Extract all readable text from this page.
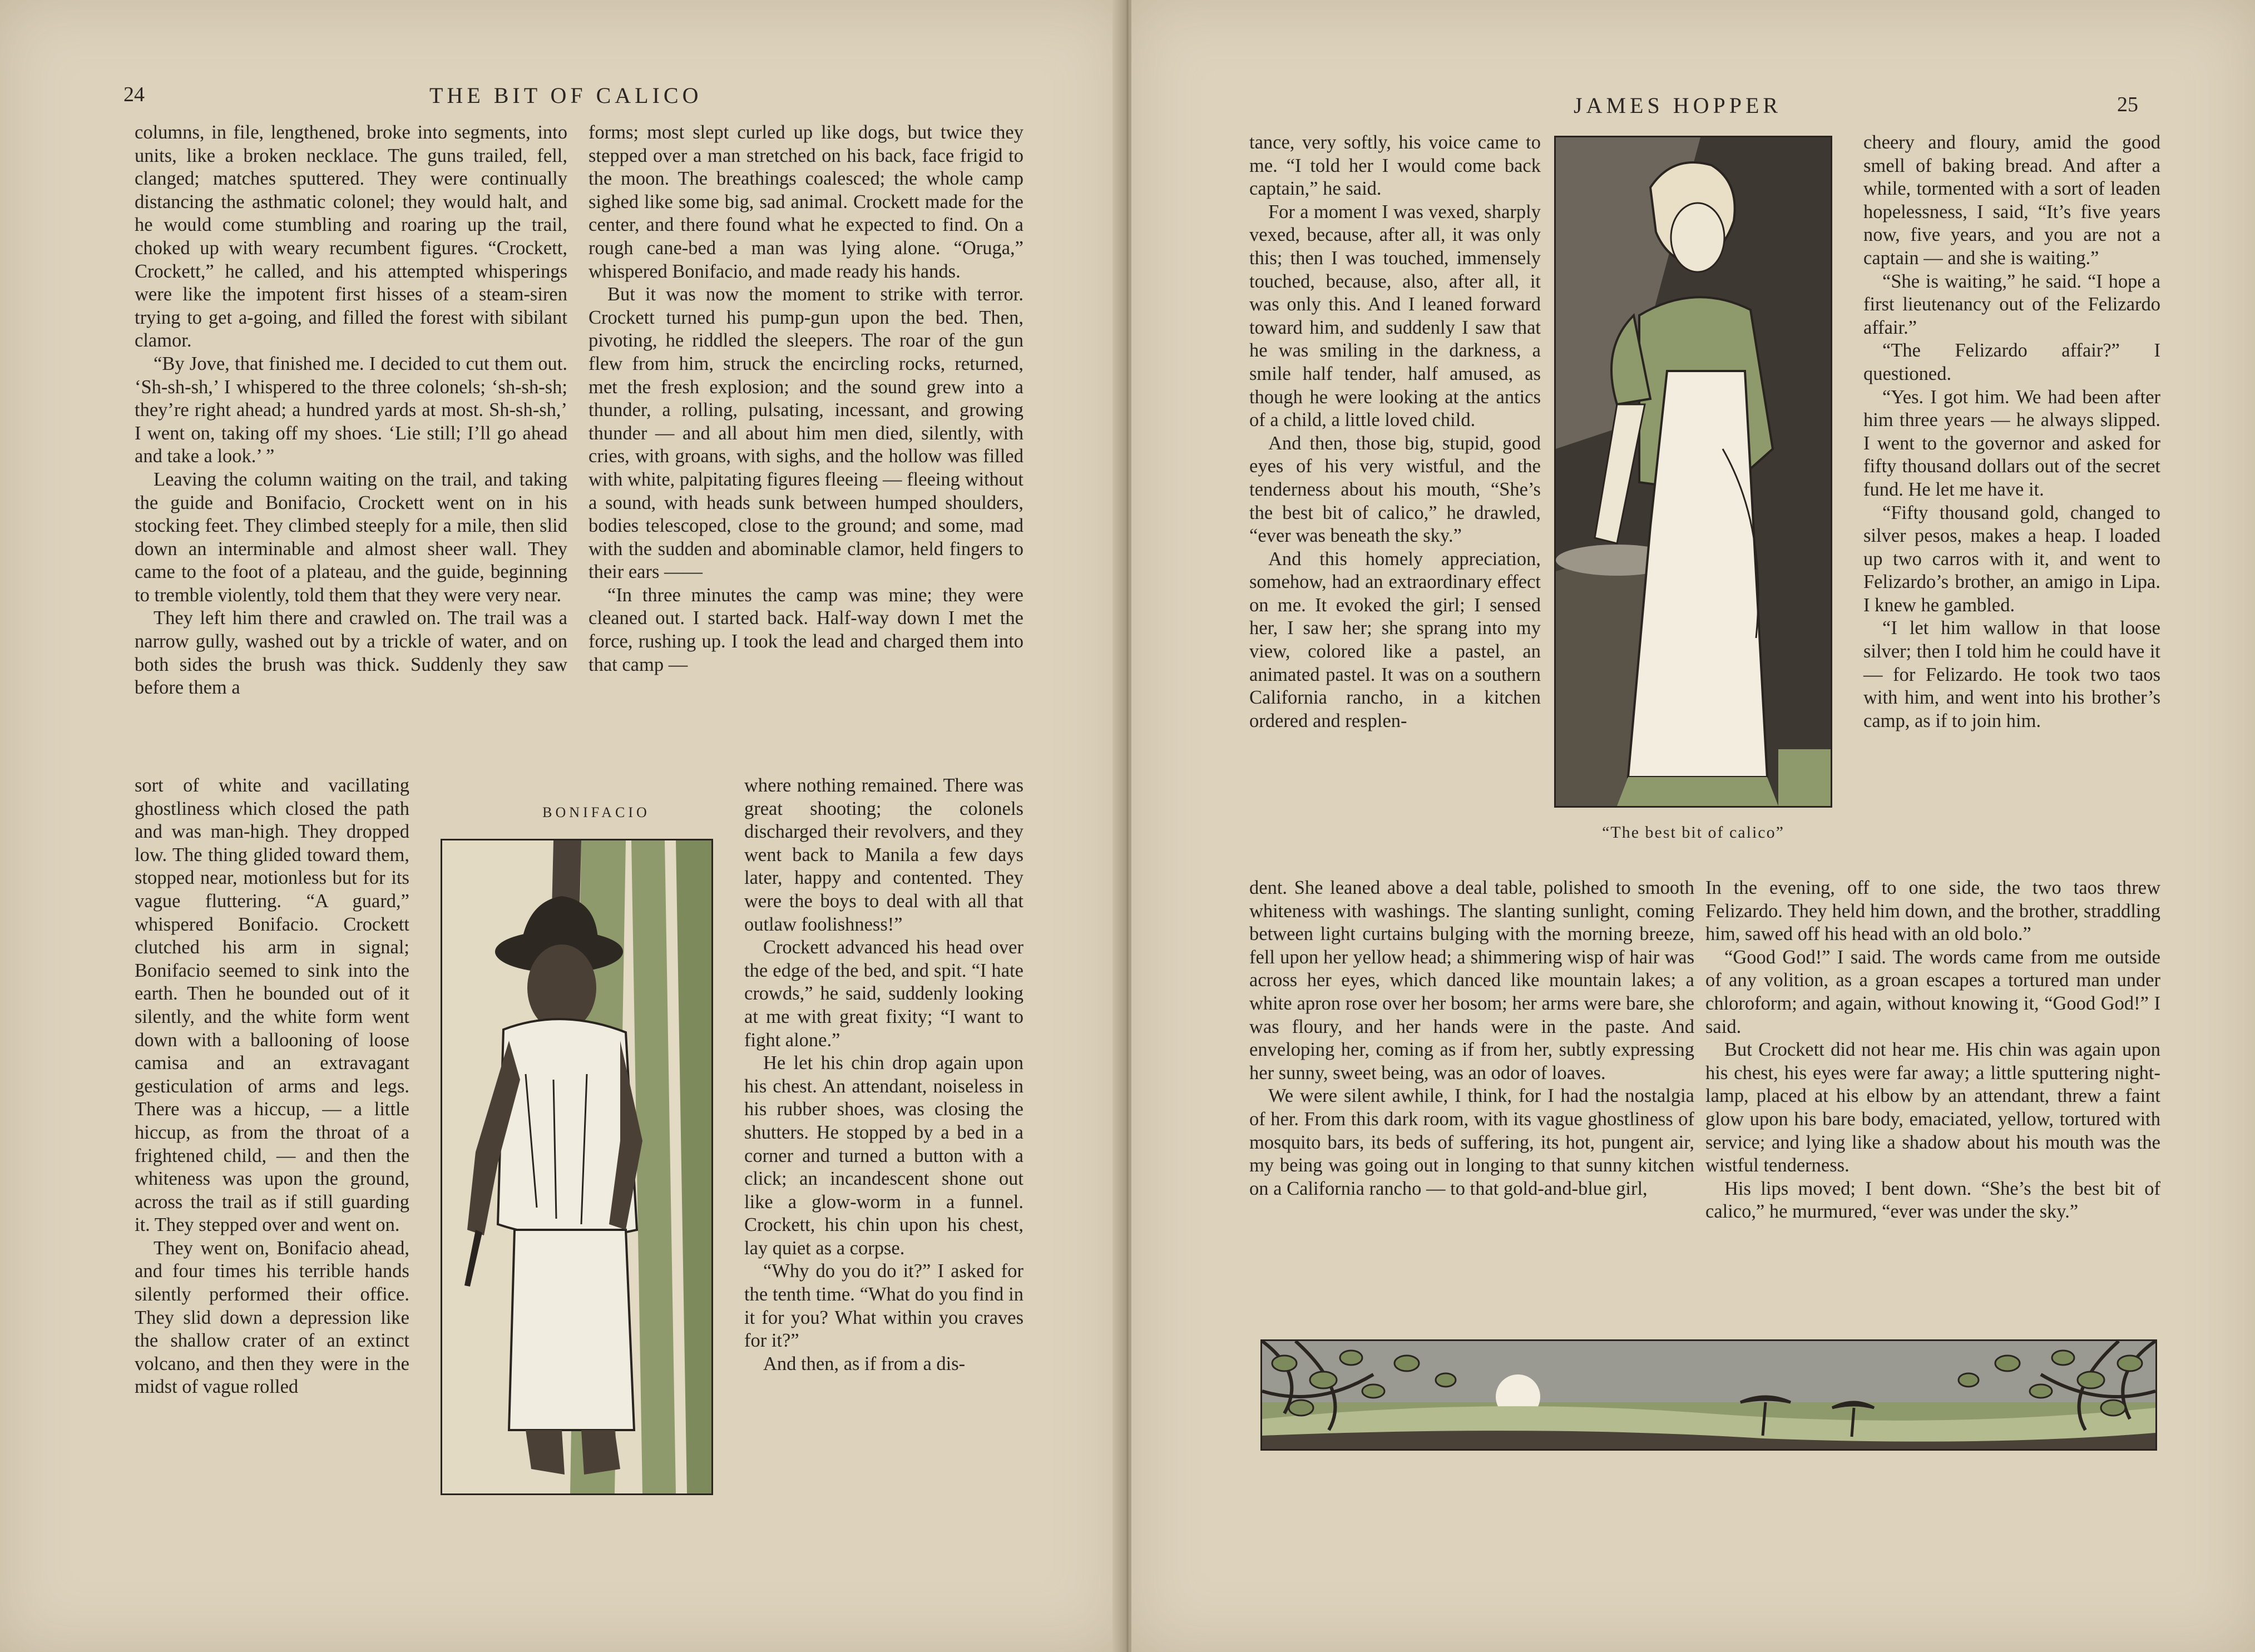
24	THE BIT OF CALICO

columns, in file, lengthened, broke into segments, into units, like a broken necklace. The guns trailed, fell, clanged; matches sputtered. They were continually distancing the asthmatic colonel; they would halt, and he would come stumbling and roaring up the trail, choked up with weary recumbent figures. “Crockett, Crockett,” he called, and his attempted whisperings were like the impotent first hisses of a steam-siren trying to get a-going, and filled the forest with sibilant clamor.

“By Jove, that finished me. I decided to cut them out. ‘Sh-sh-sh,’ I whispered to the three colonels; ‘sh-sh-sh; they’re right ahead; a hundred yards at most. Sh-sh-sh,’ I went on, taking off my shoes. ‘Lie still; I’ll go ahead and take a look.’ ”

Leaving the column waiting on the trail, and taking the guide and Bonifacio, Crockett went on in his stocking feet. They climbed steeply for a mile, then slid down an interminable and almost sheer wall. They came to the foot of a plateau, and the guide, beginning to tremble violently, told them that they were very near.

They left him there and crawled on. The trail was a narrow gully, washed out by a trickle of water, and on both sides the brush was thick. Suddenly they saw before them a

sort of white and vacillating ghostliness which closed the path and was man-high. They dropped low. The thing glided toward them, stopped near, motionless but for its vague fluttering. “A guard,” whispered Bonifacio. Crockett clutched his arm in signal; Bonifacio seemed to sink into the earth. Then he bounded out of it silently, and the white form went down with a ballooning of loose camisa and an extravagant gesticulation of arms and legs. There was a hiccup, — a little hiccup, as from the throat of a frightened child, — and then the whiteness was upon the ground, across the trail as if still guarding it. They stepped over and went on.

They went on, Bonifacio ahead, and four times his terrible hands silently performed their office. They slid down a depression like the shallow crater of an extinct volcano, and then they were in the midst of vague rolled

forms; most slept curled up like dogs, but twice they stepped over a man stretched on his back, face frigid to the moon. The breathings coalesced; the whole camp sighed like some big, sad animal. Crockett made for the center, and there found what he expected to find. On a rough cane-bed a man was lying alone. “Oruga,” whispered Bonifacio, and made ready his hands.

But it was now the moment to strike with terror. Crockett turned his pump-gun upon the bed. Then, pivoting, he riddled the sleepers. The roar of the gun flew from him, struck the encircling rocks, returned, met the fresh explosion; and the sound grew into a thunder, a rolling, pulsating, incessant, and growing thunder — and all about him men died, silently, with cries, with groans, with sighs, and the hollow was filled with white, palpitating figures fleeing — fleeing without a sound, with heads sunk between humped shoulders, bodies telescoped, close to the ground; and some, mad with the sudden and abominable clamor, held fingers to their ears ——

“In three minutes the camp was mine; they were cleaned out. I started back. Half-way down I met the force, rushing up. I took the lead and charged them into that camp —

where nothing remained. There was great shooting; the colonels discharged their revolvers, and they went back to Manila a few days later, happy and contented. They were the boys to deal with all that outlaw foolishness!”

Crockett advanced his head over the edge of the bed, and spit. “I hate crowds,” he said, suddenly looking at me with great fixity; “I want to fight alone.”

He let his chin drop again upon his chest. An attendant, noiseless in his rubber shoes, was closing the shutters. He stopped by a bed in a corner and turned a button with a click; an incandescent shone out like a glow-worm in a funnel. Crockett, his chin upon his chest, lay quiet as a corpse.

“Why do you do it?” I asked for the tenth time. “What do you find in it for you? What within you craves for it?”

And then, as if from a dis-

BONIFACIO
JAMES HOPPER	25

tance, very softly, his voice came to me. “I told her I would come back captain,” he said.

For a moment I was vexed, sharply vexed, because, after all, it was only this; then I was touched, immensely touched, because, also, after all, it was only this. And I leaned forward toward him, and suddenly I saw that he was smiling in the darkness, a smile half tender, half amused, as though he were looking at the antics of a child, a little loved child.

And then, those big, stupid, good eyes of his very wistful, and the tenderness about his mouth, “She’s the best bit of calico,” he drawled, “ever was beneath the sky.”

And this homely appreciation, somehow, had an extraordinary effect on me. It evoked the girl; I sensed her, I saw her; she sprang into my view, colored like a pastel, an animated pastel. It was on a southern California rancho, in a kitchen ordered and resplen-

dent. She leaned above a deal table, polished to smooth whiteness with washings. The slanting sunlight, coming between light curtains bulging with the morning breeze, fell upon her yellow head; a shimmering wisp of hair was across her eyes, which danced like mountain lakes; a white apron rose over her bosom; her arms were bare, she was floury, and her hands were in the paste. And enveloping her, coming as if from her, subtly expressing her sunny, sweet being, was an odor of loaves.

We were silent awhile, I think, for I had the nostalgia of her. From this dark room, with its vague ghostliness of mosquito bars, its beds of suffering, its hot, pungent air, my being was going out in longing to that sunny kitchen on a California rancho — to that gold-and-blue girl,

“The best bit of calico”

cheery and floury, amid the good smell of baking bread. And after a while, tormented with a sort of leaden hopelessness, I said, “It’s five years now, five years, and you are not a captain — and she is waiting.”

“She is waiting,” he said. “I hope a first lieutenancy out of the Felizardo affair.”

“The Felizardo affair?” I questioned.

“Yes. I got him. We had been after him three years — he always slipped. I went to the governor and asked for fifty thousand dollars out of the secret fund. He let me have it.

“Fifty thousand gold, changed to silver pesos, makes a heap. I loaded up two carros with it, and went to Felizardo’s brother, an amigo in Lipa. I knew he gambled.

“I let him wallow in that loose silver; then I told him he could have it — for Felizardo. He took two taos with him, and went into his brother’s camp, as if to join him.

In the evening, off to one side, the two taos threw Felizardo. They held him down, and the brother, straddling him, sawed off his head with an old bolo.”

“Good God!” I said. The words came from me outside of any volition, as a groan escapes a tortured man under chloroform; and again, without knowing it, “Good God!” I said.

But Crockett did not hear me. His chin was again upon his chest, his eyes were far away; a little sputtering night-lamp, placed at his elbow by an attendant, threw a faint glow upon his bare body, emaciated, yellow, tortured with service; and lying like a shadow about his mouth was the wistful tenderness.

His lips moved; I bent down. “She’s the best bit of calico,” he murmured, “ever was under the sky.”
